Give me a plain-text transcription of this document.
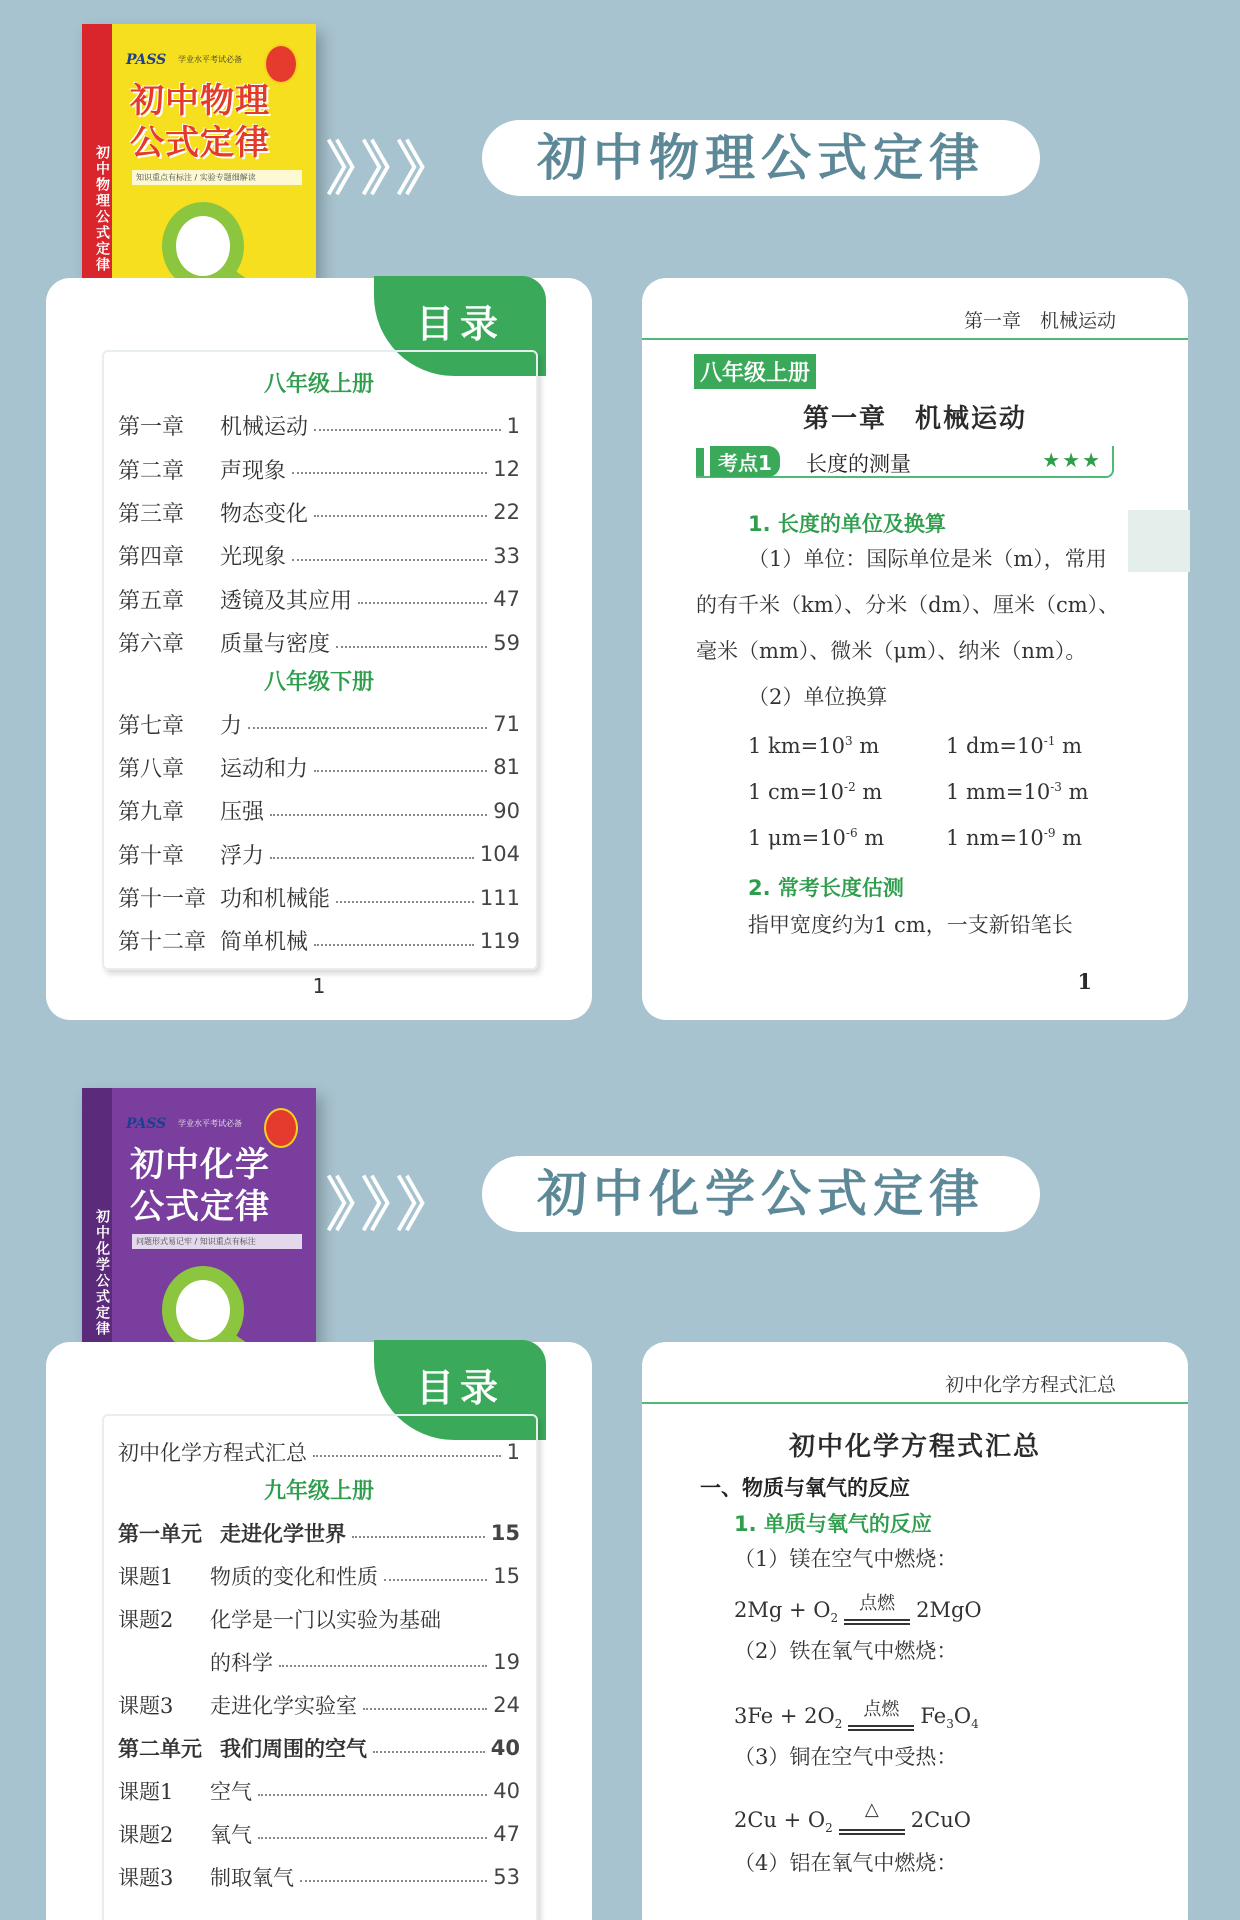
初中物理公式定律
PASS 学业水平考试必备
初中物理
公式定律
知识重点有标注 / 实验专题细解读	》》》	初中物理公式定律
目录
八年级上册
第一章	机械运动	1
第二章	声现象	12
第三章	物态变化	22
第四章	光现象	33
第五章	透镜及其应用	47
第六章	质量与密度	59
八年级下册
第七章	力	71
第八章	运动和力	81
第九章	压强	90
第十章	浮力	104
第十一章 功和机械能	111
第十二章 简单机械	119
1
第一章　机械运动
八年级上册
第一章　机械运动
考点1	长度的测量	★★★
1. 长度的单位及换算
（1）单位：国际单位是米（m），常用
的有千米（km）、分米（dm）、厘米（cm）、
毫米（mm）、微米（μm）、纳米（nm）。
（2）单位换算
1 $km=10^3$ m	1 $dm=10^{-1}$ m
1 $cm=10^{-2}$ m	1 $mm=10^{-3}$ m
1 $\mu m=10^{-6}$ m	1 $nm=10^{-9}$ m
2. 常考长度估测
指甲宽度约为1 cm，一支新铅笔长
1
初中化学公式定律
PASS 学业水平考试必备
初中化学
公式定律
问题形式易记牢 / 知识重点有标注
》》》	初中化学公式定律
目录
初中化学方程式汇总	1
九年级上册
第一单元 走进化学世界	15
课题1	物质的变化和性质	15
课题2	化学是一门以实验为基础
的科学	19
课题3	走进化学实验室	24
第二单元 我们周围的空气	40
课题1	空气	40
课题2	氧气	47
课题3	制取氧气	53
初中化学方程式汇总
初中化学方程式汇总
一、物质与氧气的反应
1. 单质与氧气的反应
（1）镁在空气中燃烧：
$2Mg + O_2$
点燃	2MgO
（2）铁在氧气中燃烧：
$3Fe + 2O_2$
点燃	$Fe_3O_4$
（3）铜在空气中受热：
$2Cu + O_2$
△	2CuO
（4）铝在氧气中燃烧：
